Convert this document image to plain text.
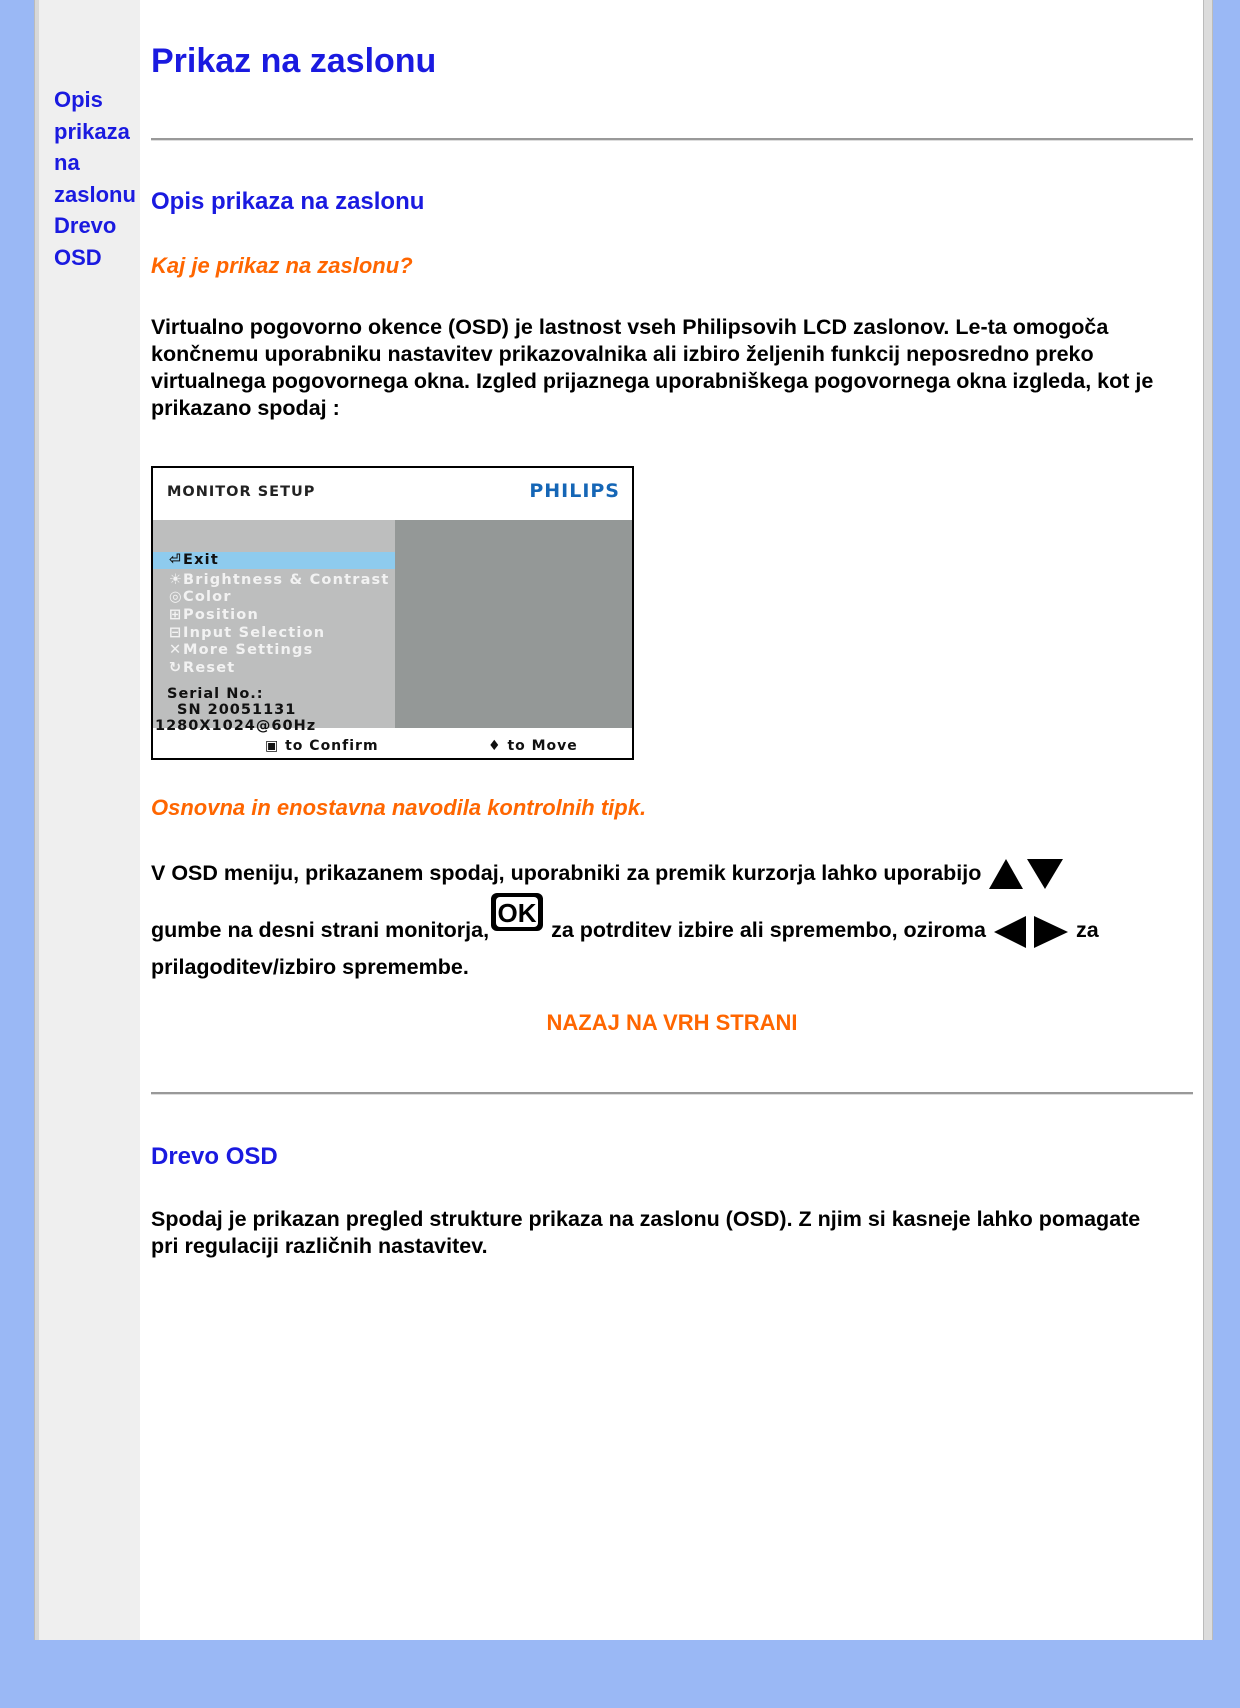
Opis prikaza na zaslonu
Drevo OSD
Prikaz na zaslonu
Opis prikaza na zaslonu
Kaj je prikaz na zaslonu?

Virtualno pogovorno okence (OSD) je lastnost vseh Philipsovih LCD zaslonov. Le-ta omogoča končnemu uporabniku nastavitev prikazovalnika ali izbiro željenih funkcij neposredno preko virtualnega pogovornega okna. Izgled prijaznega uporabniškega pogovornega okna izgleda, kot je prikazano spodaj :

MONITOR SETUP	PHILIPS
⏎Exit
☀Brightness & Contrast
◎Color
⊞Position
⊟Input Selection
✕More Settings
↻Reset
Serial No.:
SN 20051131
1280X1024@60Hz
▣ to Confirm	♦ to Move
Osnovna in enostavna navodila kontrolnih tipk.

V OSD meniju, prikazanem spodaj, uporabniki za premik kurzorja lahko uporabijo
gumbe na desni strani monitorja,
OK
za potrditev izbire ali spremembo, oziroma	za
prilagoditev/izbiro spremembe.

NAZAJ NA VRH STRANI
Drevo OSD

Spodaj je prikazan pregled strukture prikaza na zaslonu (OSD). Z njim si kasneje lahko pomagate pri regulaciji različnih nastavitev.
